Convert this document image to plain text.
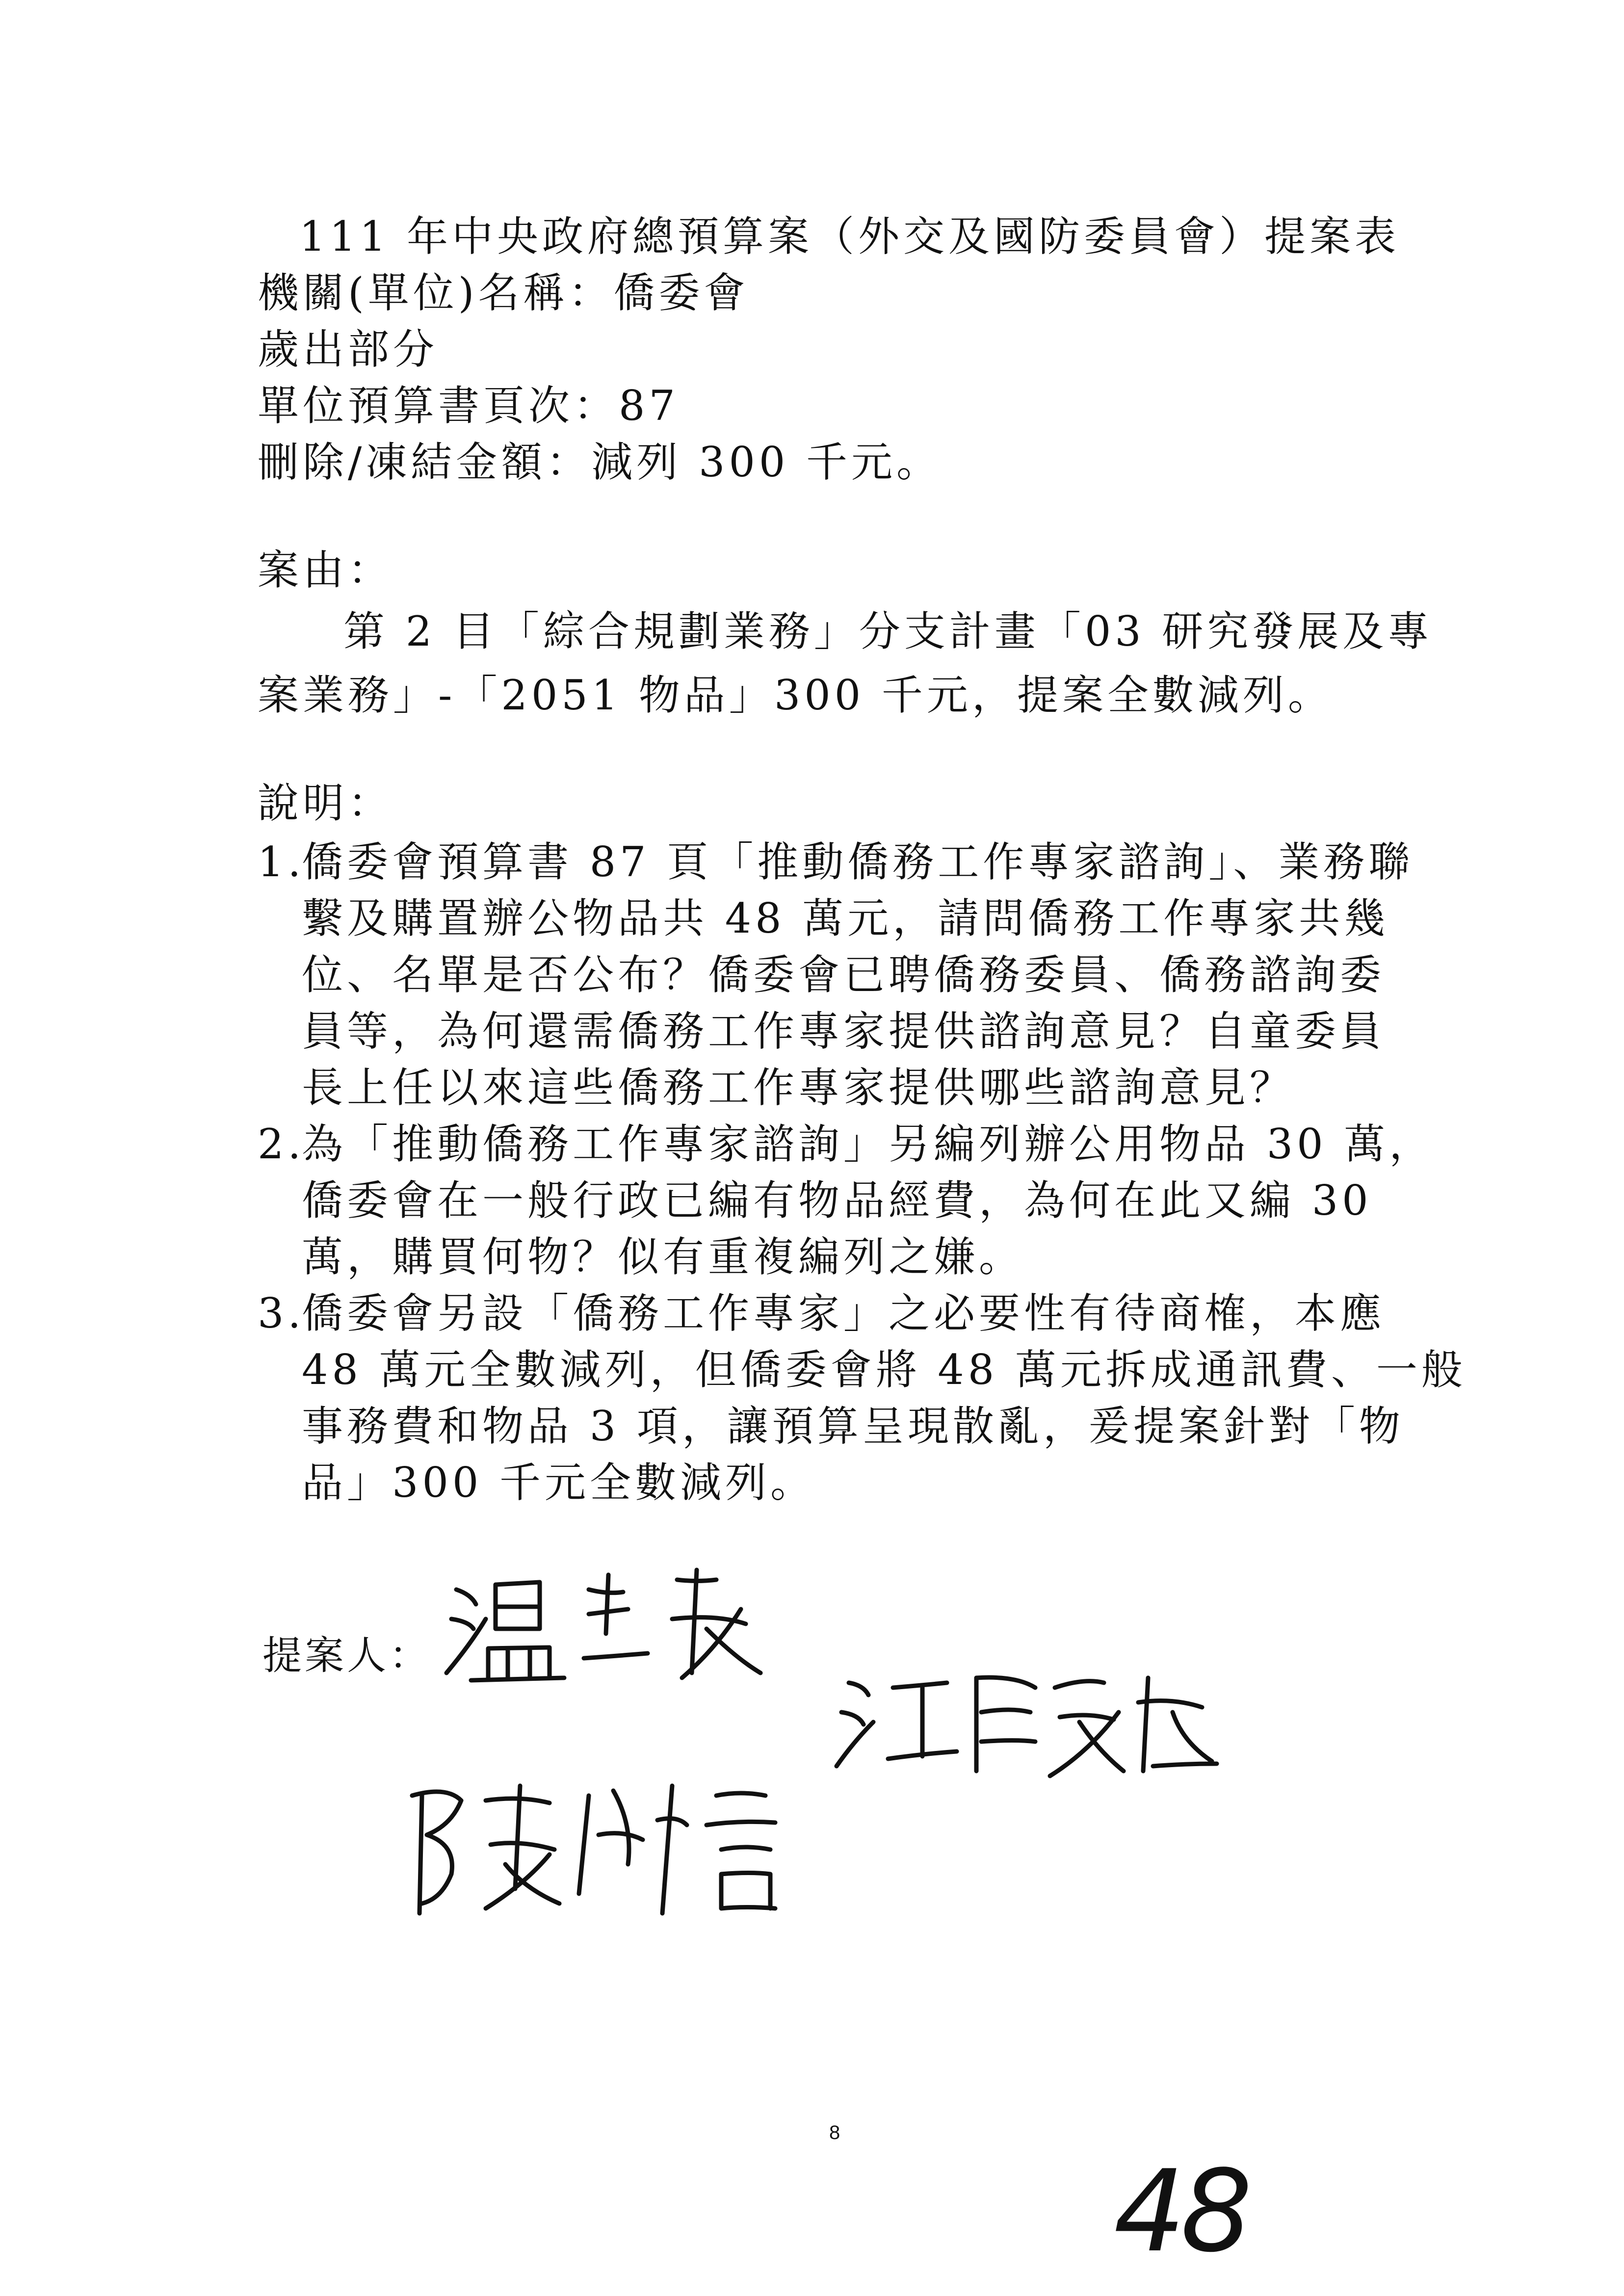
111 年中央政府總預算案（外交及國防委員會）提案表

機關(單位)名稱：僑委會

歲出部分

單位預算書頁次：87

刪除/凍結金額：減列 300 千元。

案由：

第 2 目「綜合規劃業務」分支計畫「03 研究發展及專

案業務」-「2051 物品」300 千元，提案全數減列。

說明：

1.

僑委會預算書 87 頁「推動僑務工作專家諮詢」、業務聯

繫及購置辦公物品共 48 萬元，請問僑務工作專家共幾

位、名單是否公布？僑委會已聘僑務委員、僑務諮詢委

員等，為何還需僑務工作專家提供諮詢意見？自童委員

長上任以來這些僑務工作專家提供哪些諮詢意見？

2.

為「推動僑務工作專家諮詢」另編列辦公用物品 30 萬，

僑委會在一般行政已編有物品經費，為何在此又編 30

萬，購買何物？似有重複編列之嫌。

3.

僑委會另設「僑務工作專家」之必要性有待商榷，本應

48 萬元全數減列，但僑委會將 48 萬元拆成通訊費、一般

事務費和物品 3 項，讓預算呈現散亂，爰提案針對「物

品」300 千元全數減列。

提案人：

8
48
